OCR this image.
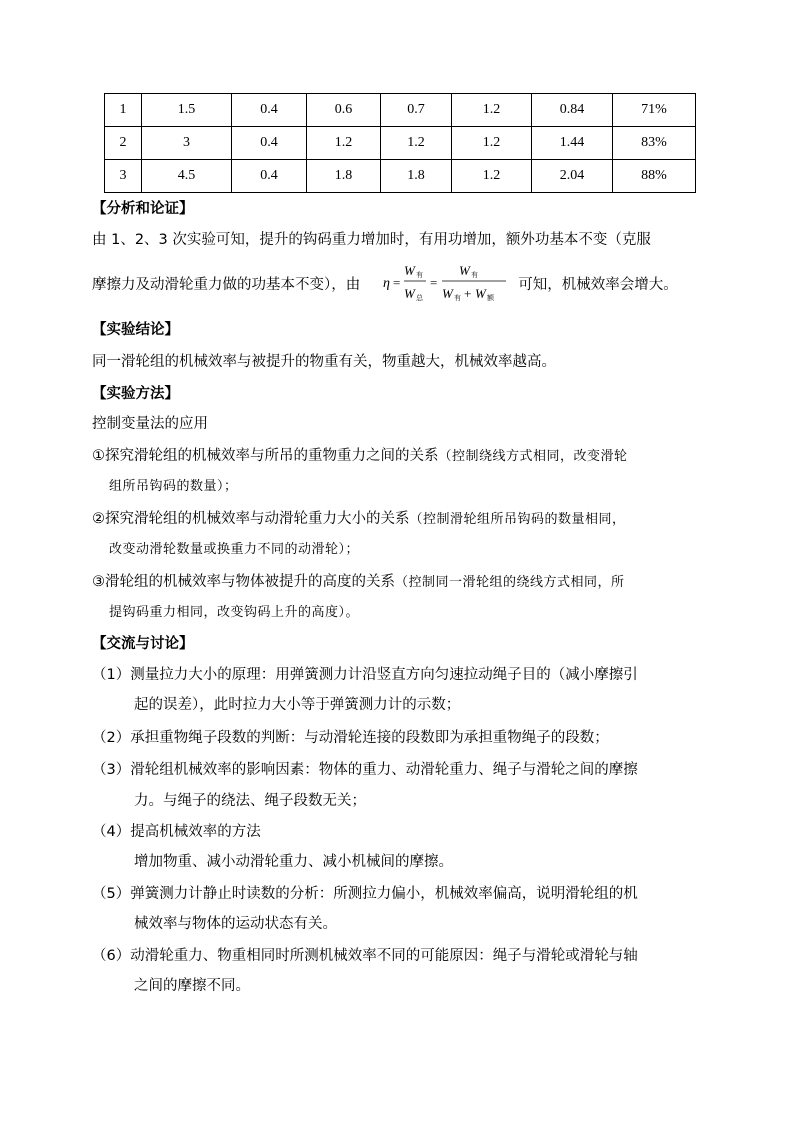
1	1.5	0.4	0.6	0.7	1.2	0.84	71%
2	3	0.4	1.2	1.2	1.2	1.44	83%
3	4.5	0.4	1.8	1.8	1.2	2.04	88%
【分析和论证】
由 1、2、3 次实验可知，提升的钩码重力增加时，有用功增加，额外功基本不变（克服
摩擦力及动滑轮重力做的功基本不变），由	可知，机械效率会增大。
η =
W 有
W 总
=
W 有
W 有 + W 额
【实验结论】
同一滑轮组的机械效率与被提升的物重有关，物重越大，机械效率越高。
【实验方法】
控制变量法的应用
①探究滑轮组的机械效率与所吊的重物重力之间的关系（控制绕线方式相同，改变滑轮
组所吊钩码的数量）；
②探究滑轮组的机械效率与动滑轮重力大小的关系（控制滑轮组所吊钩码的数量相同，
改变动滑轮数量或换重力不同的动滑轮）；
③滑轮组的机械效率与物体被提升的高度的关系（控制同一滑轮组的绕线方式相同，所
提钩码重力相同，改变钩码上升的高度）。
【交流与讨论】
（1）测量拉力大小的原理：用弹簧测力计沿竖直方向匀速拉动绳子目的（减小摩擦引
起的误差），此时拉力大小等于弹簧测力计的示数；
（2）承担重物绳子段数的判断：与动滑轮连接的段数即为承担重物绳子的段数；
（3）滑轮组机械效率的影响因素：物体的重力、动滑轮重力、绳子与滑轮之间的摩擦
力。与绳子的绕法、绳子段数无关；
（4）提高机械效率的方法
增加物重、减小动滑轮重力、减小机械间的摩擦。
（5）弹簧测力计静止时读数的分析：所测拉力偏小，机械效率偏高，说明滑轮组的机
械效率与物体的运动状态有关。
（6）动滑轮重力、物重相同时所测机械效率不同的可能原因：绳子与滑轮或滑轮与轴
之间的摩擦不同。
